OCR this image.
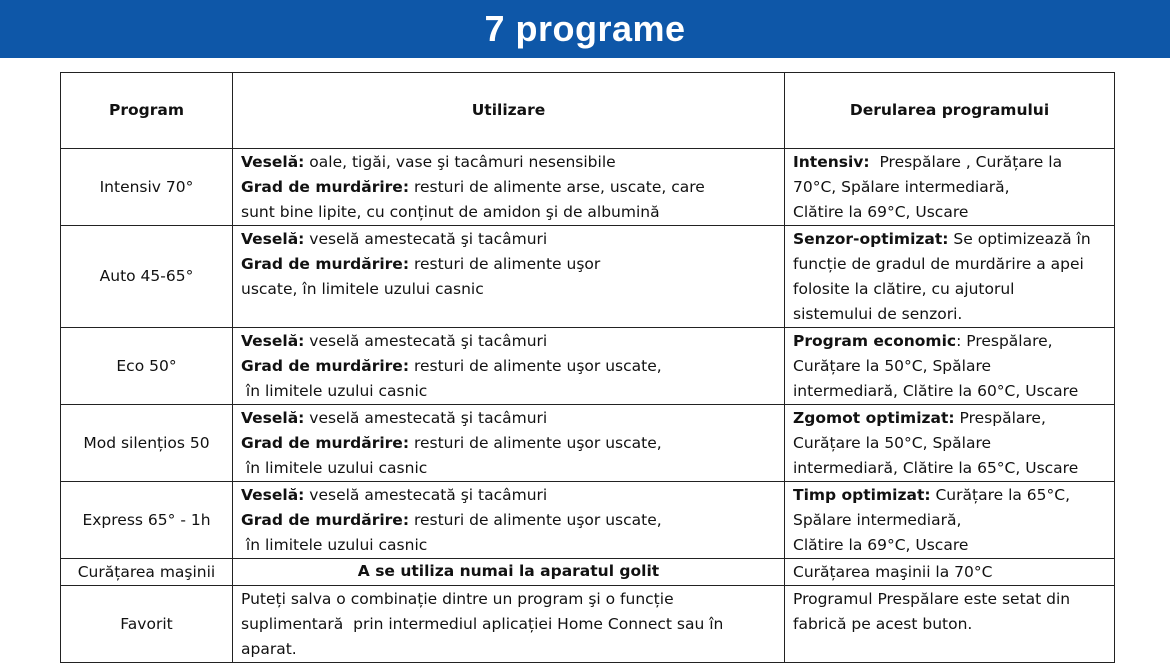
7 programe
Program	Utilizare	Derularea programului
Intensiv 70°	Veselă: oale, tigăi, vase şi tacâmuri nesensibile
Grad de murdărire: resturi de alimente arse, uscate, care
sunt bine lipite, cu conținut de amidon şi de albumină	Intensiv:  Prespălare , Curățare la
70°C, Spălare intermediară,
Clătire la 69°C, Uscare

Auto 45-65°	Veselă: veselă amestecată şi tacâmuri
Grad de murdărire: resturi de alimente uşor
uscate, în limitele uzului casnic	Senzor-optimizat: Se optimizează în
funcție de gradul de murdărire a apei
folosite la clătire, cu ajutorul
sistemului de senzori.

Eco 50°	Veselă: veselă amestecată şi tacâmuri
Grad de murdărire: resturi de alimente uşor uscate,
în limitele uzului casnic	Program economic: Prespălare,
Curățare la 50°C, Spălare
intermediară, Clătire la 60°C, Uscare

Mod silențios 50	Veselă: veselă amestecată şi tacâmuri
Grad de murdărire: resturi de alimente uşor uscate,
în limitele uzului casnic	Zgomot optimizat: Prespălare,
Curățare la 50°C, Spălare
intermediară, Clătire la 65°C, Uscare

Express 65° - 1h	Veselă: veselă amestecată şi tacâmuri
Grad de murdărire: resturi de alimente uşor uscate,
în limitele uzului casnic	Timp optimizat: Curățare la 65°C,
Spălare intermediară,
Clătire la 69°C, Uscare

Curățarea maşinii	A se utiliza numai la aparatul golit	Curățarea maşinii la 70°C

Favorit	Puteți salva o combinație dintre un program şi o funcție
suplimentară  prin intermediul aplicației Home Connect sau în
aparat.	Programul Prespălare este setat din
fabrică pe acest buton.
